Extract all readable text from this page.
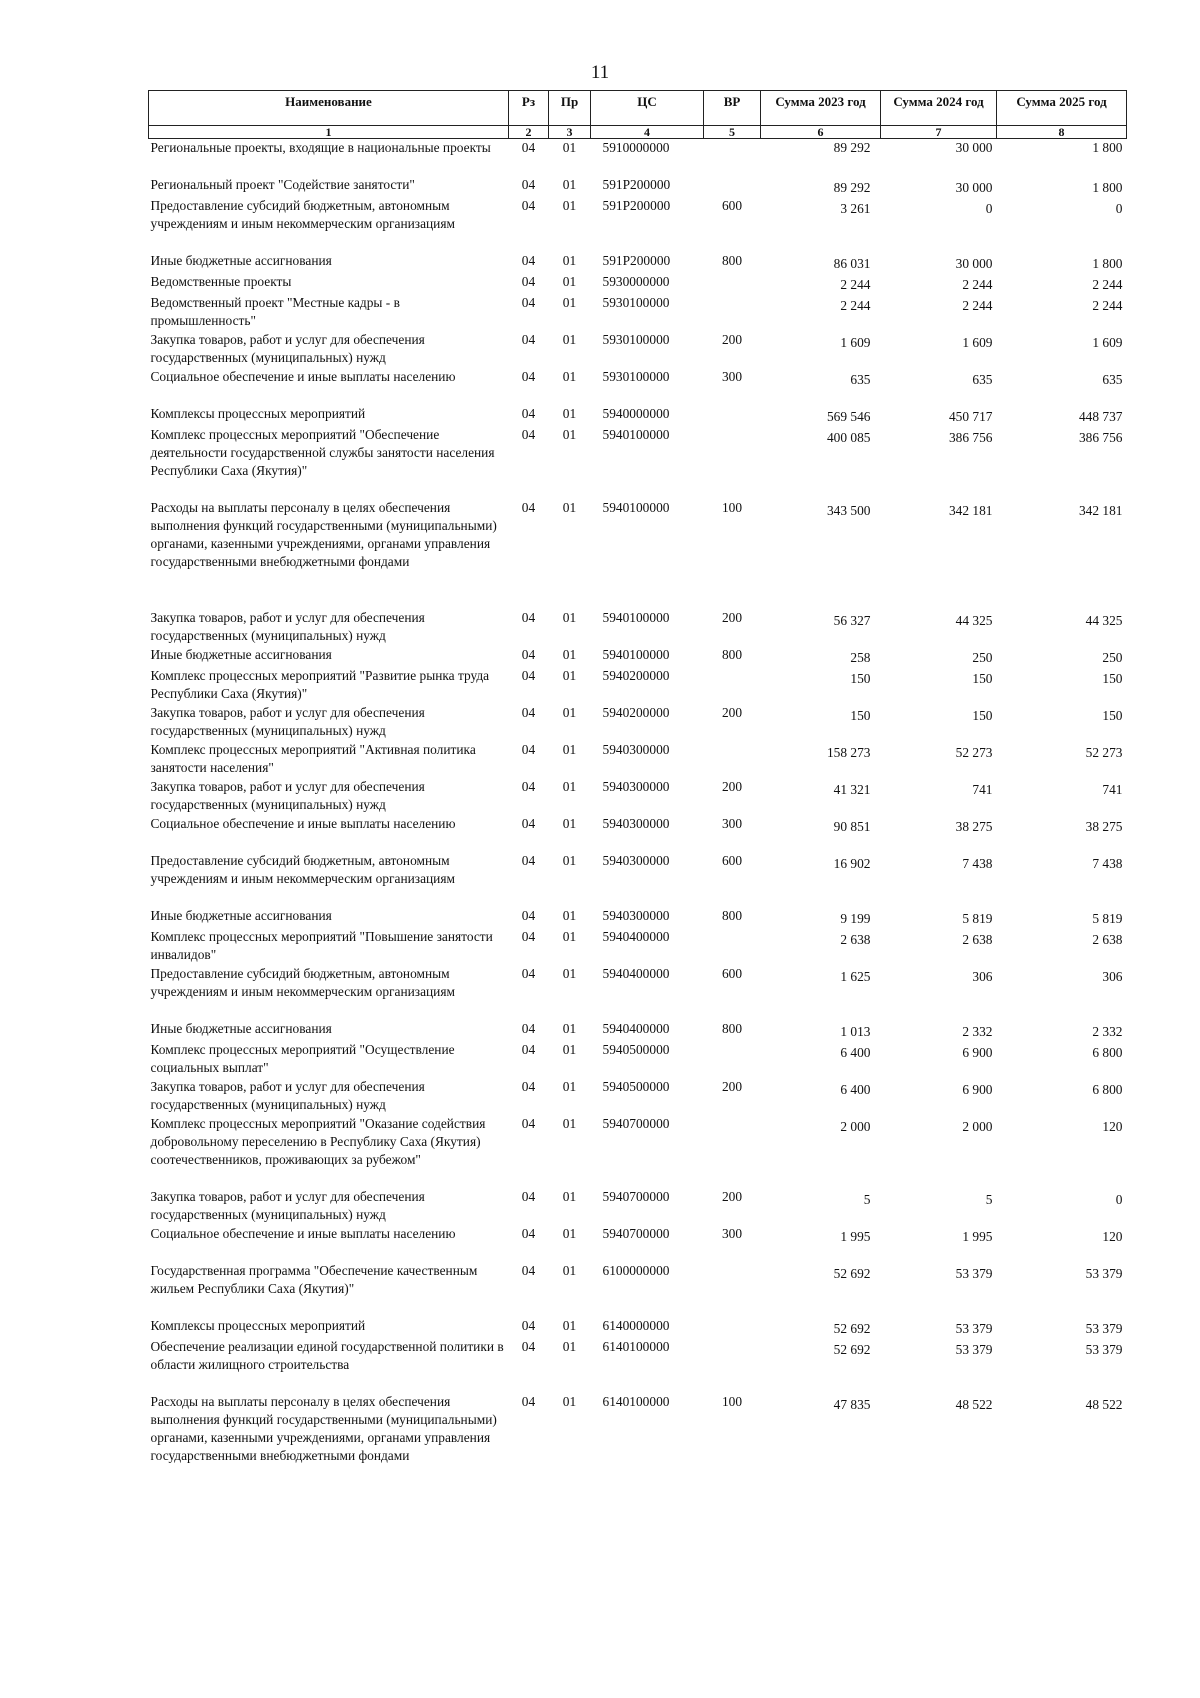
11
Наименование	Рз	Пр	ЦС	ВР	Сумма 2023 год	Сумма 2024 год	Сумма 2025 год
1	2	3	4	5	6	7	8
Региональные проекты, входящие в национальные проекты	04	01	5910000000		89 292	30 000	1 800
Региональный проект "Содействие занятости"	04	01	591P200000		89 292	30 000	1 800
Предоставление субсидий бюджетным, автономным учреждениям и иным некоммерческим организациям	04	01	591P200000	600	3 261	0	0
Иные бюджетные ассигнования	04	01	591P200000	800	86 031	30 000	1 800
Ведомственные проекты	04	01	5930000000		2 244	2 244	2 244
Ведомственный проект "Местные кадры - в промышленность"	04	01	5930100000		2 244	2 244	2 244
Закупка товаров, работ и услуг для обеспечения государственных (муниципальных) нужд	04	01	5930100000	200	1 609	1 609	1 609
Социальное обеспечение и иные выплаты населению	04	01	5930100000	300	635	635	635
Комплексы процессных мероприятий	04	01	5940000000		569 546	450 717	448 737
Комплекс процессных мероприятий "Обеспечение деятельности государственной службы занятости населения Республики Саха (Якутия)"	04	01	5940100000		400 085	386 756	386 756
Расходы на выплаты персоналу в целях обеспечения выполнения функций государственными (муниципальными) органами, казенными учреждениями, органами управления государственными внебюджетными фондами	04	01	5940100000	100	343 500	342 181	342 181
Закупка товаров, работ и услуг для обеспечения государственных (муниципальных) нужд	04	01	5940100000	200	56 327	44 325	44 325
Иные бюджетные ассигнования	04	01	5940100000	800	258	250	250
Комплекс процессных мероприятий "Развитие рынка труда Республики Саха (Якутия)"	04	01	5940200000		150	150	150
Закупка товаров, работ и услуг для обеспечения государственных (муниципальных) нужд	04	01	5940200000	200	150	150	150
Комплекс процессных мероприятий "Активная политика занятости населения"	04	01	5940300000		158 273	52 273	52 273
Закупка товаров, работ и услуг для обеспечения государственных (муниципальных) нужд	04	01	5940300000	200	41 321	741	741
Социальное обеспечение и иные выплаты населению	04	01	5940300000	300	90 851	38 275	38 275
Предоставление субсидий бюджетным, автономным учреждениям и иным некоммерческим организациям	04	01	5940300000	600	16 902	7 438	7 438
Иные бюджетные ассигнования	04	01	5940300000	800	9 199	5 819	5 819
Комплекс процессных мероприятий "Повышение занятости инвалидов"	04	01	5940400000		2 638	2 638	2 638
Предоставление субсидий бюджетным, автономным учреждениям и иным некоммерческим организациям	04	01	5940400000	600	1 625	306	306
Иные бюджетные ассигнования	04	01	5940400000	800	1 013	2 332	2 332
Комплекс процессных мероприятий "Осуществление социальных выплат"	04	01	5940500000		6 400	6 900	6 800
Закупка товаров, работ и услуг для обеспечения государственных (муниципальных) нужд	04	01	5940500000	200	6 400	6 900	6 800
Комплекс процессных мероприятий "Оказание содействия добровольному переселению в Республику Саха (Якутия) соотечественников, проживающих за рубежом"	04	01	5940700000		2 000	2 000	120
Закупка товаров, работ и услуг для обеспечения государственных (муниципальных) нужд	04	01	5940700000	200	5	5	0
Социальное обеспечение и иные выплаты населению	04	01	5940700000	300	1 995	1 995	120
Государственная программа "Обеспечение качественным жильем Республики Саха (Якутия)"	04	01	6100000000		52 692	53 379	53 379
Комплексы процессных мероприятий	04	01	6140000000		52 692	53 379	53 379
Обеспечение реализации единой государственной политики в области жилищного строительства	04	01	6140100000		52 692	53 379	53 379
Расходы на выплаты персоналу в целях обеспечения выполнения функций государственными (муниципальными) органами, казенными учреждениями, органами управления государственными внебюджетными фондами	04	01	6140100000	100	47 835	48 522	48 522
